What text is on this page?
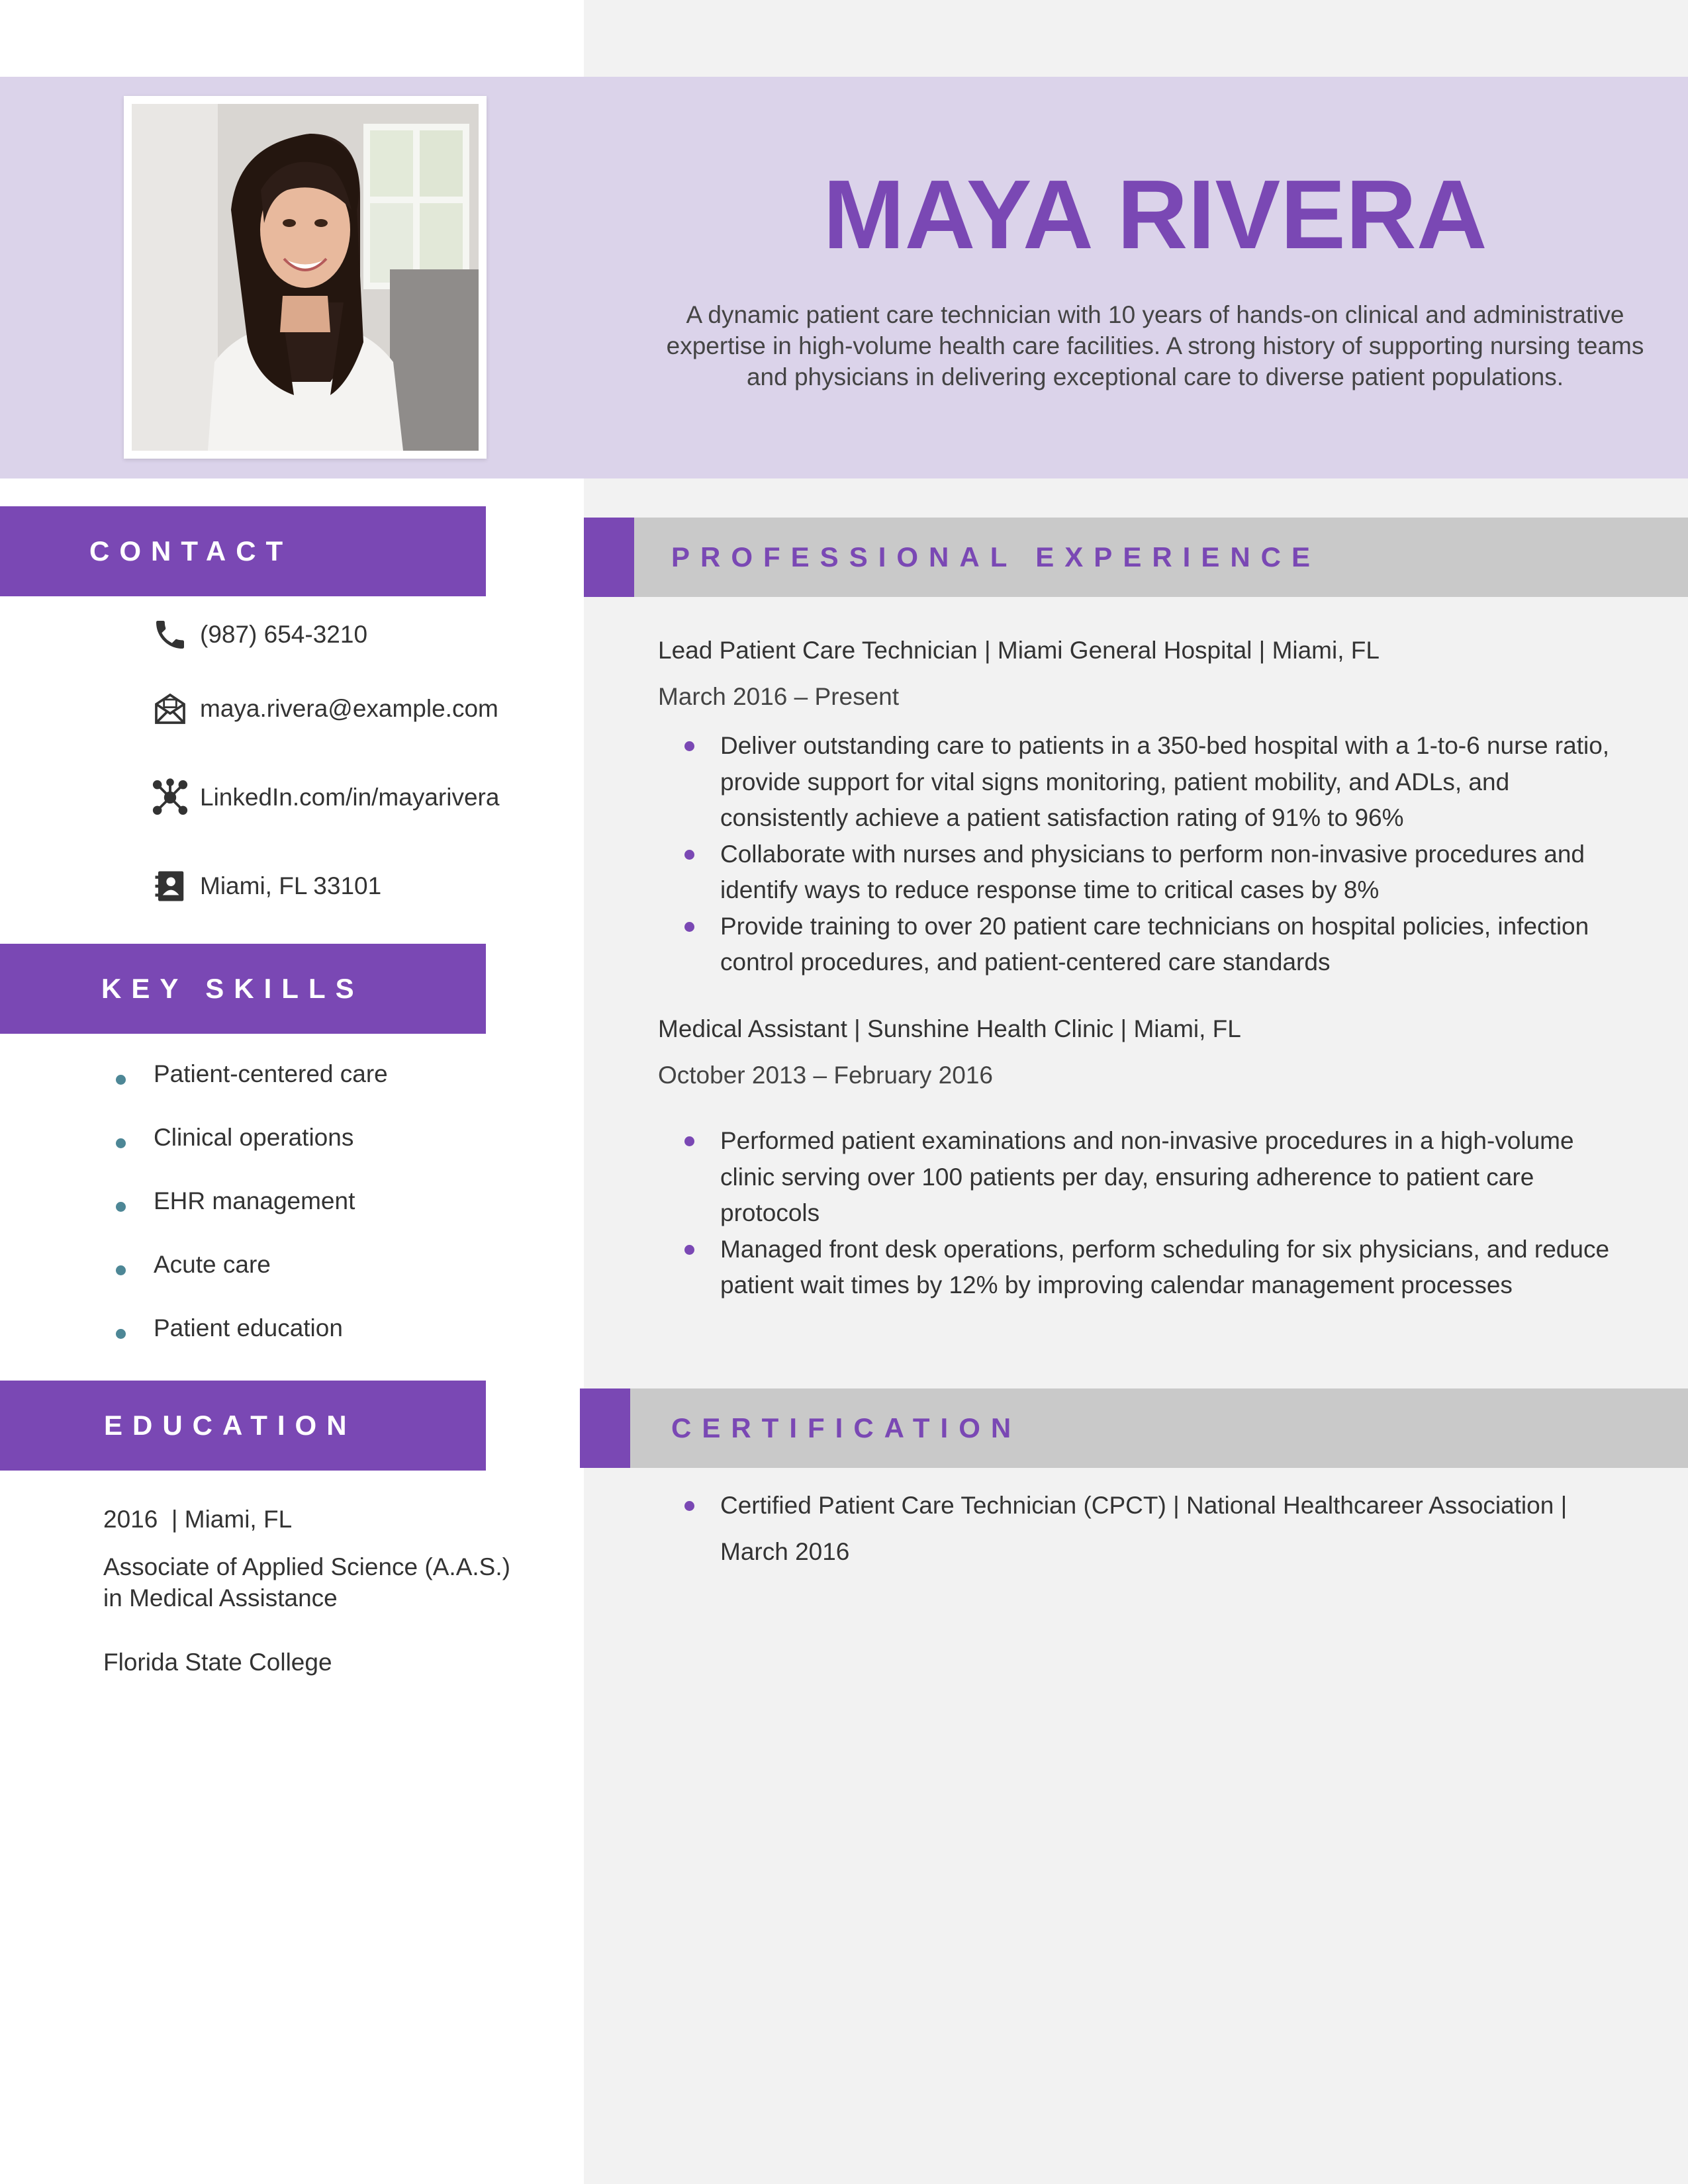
MAYA RIVERA

A dynamic patient care technician with 10 years of hands-on clinical and administrative expertise in high-volume health care facilities. A strong history of supporting nursing teams and physicians in delivering exceptional care to diverse patient populations.

CONTACT
(987) 654-3210
maya.rivera@example.com
LinkedIn.com/in/mayarivera
Miami, FL 33101
KEY SKILLS
Patient-centered care
Clinical operations
EHR management
Acute care
Patient education
EDUCATION

2016  | Miami, FL

Associate of Applied Science (A.A.S.) in Medical Assistance

Florida State College

PROFESSIONAL EXPERIENCE

Lead Patient Care Technician | Miami General Hospital | Miami, FL

March 2016 – Present

Deliver outstanding care to patients in a 350-bed hospital with a 1-to-6 nurse ratio, provide support for vital signs monitoring, patient mobility, and ADLs, and consistently achieve a patient satisfaction rating of 91% to 96%
Collaborate with nurses and physicians to perform non-invasive procedures and identify ways to reduce response time to critical cases by 8%
Provide training to over 20 patient care technicians on hospital policies, infection control procedures, and patient-centered care standards

Medical Assistant | Sunshine Health Clinic | Miami, FL

October 2013 – February 2016

Performed patient examinations and non-invasive procedures in a high-volume clinic serving over 100 patients per day, ensuring adherence to patient care protocols
Managed front desk operations, perform scheduling for six physicians, and reduce patient wait times by 12% by improving calendar management processes
CERTIFICATION
Certified Patient Care Technician (CPCT) | National Healthcareer Association | March 2016
